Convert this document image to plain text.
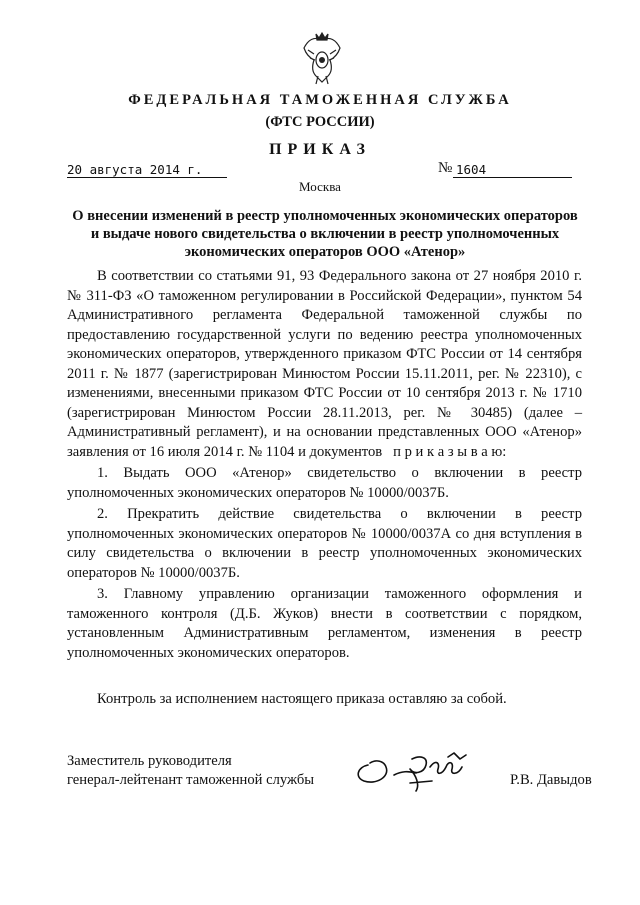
ФЕДЕРАЛЬНАЯ ТАМОЖЕННАЯ СЛУЖБА
(ФТС РОССИИ)
ПРИКАЗ
20 августа 2014 г.	№ 1604
Москва
О внесении изменений в реестр уполномоченных экономических операторов и выдаче нового свидетельства о включении в реестр уполномоченных экономических операторов ООО «Атенор»

В соответствии со статьями 91, 93 Федерального закона от 27 ноября 2010 г. № 311-ФЗ «О таможенном регулировании в Российской Федерации», пунктом 54 Административного регламента Федеральной таможенной службы по предоставлению государственной услуги по ведению реестра уполномоченных экономических операторов, утвержденного приказом ФТС России от 14 сентября 2011 г. № 1877 (зарегистрирован Минюстом России 15.11.2011, рег. № 22310), с изменениями, внесенными приказом ФТС России от 10 сентября 2013 г. № 1710 (зарегистрирован Минюстом России 28.11.2013, рег. № 30485) (далее – Административный регламент), и на основании представленных ООО «Атенор» заявления от 16 июля 2014 г. № 1104 и документов п р и к а з ы в а ю:

1. Выдать ООО «Атенор» свидетельство о включении в реестр уполномоченных экономических операторов № 10000/0037Б.

2. Прекратить действие свидетельства о включении в реестр уполномоченных экономических операторов № 10000/0037А со дня вступления в силу свидетельства о включении в реестр уполномоченных экономических операторов № 10000/0037Б.

3. Главному управлению организации таможенного оформления и таможенного контроля (Д.Б. Жуков) внести в соответствии с порядком, установленным Административным регламентом, изменения в реестр уполномоченных экономических операторов.

Контроль за исполнением настоящего приказа оставляю за собой.
Заместитель руководителя
генерал-лейтенант таможенной службы	Р.В. Давыдов
